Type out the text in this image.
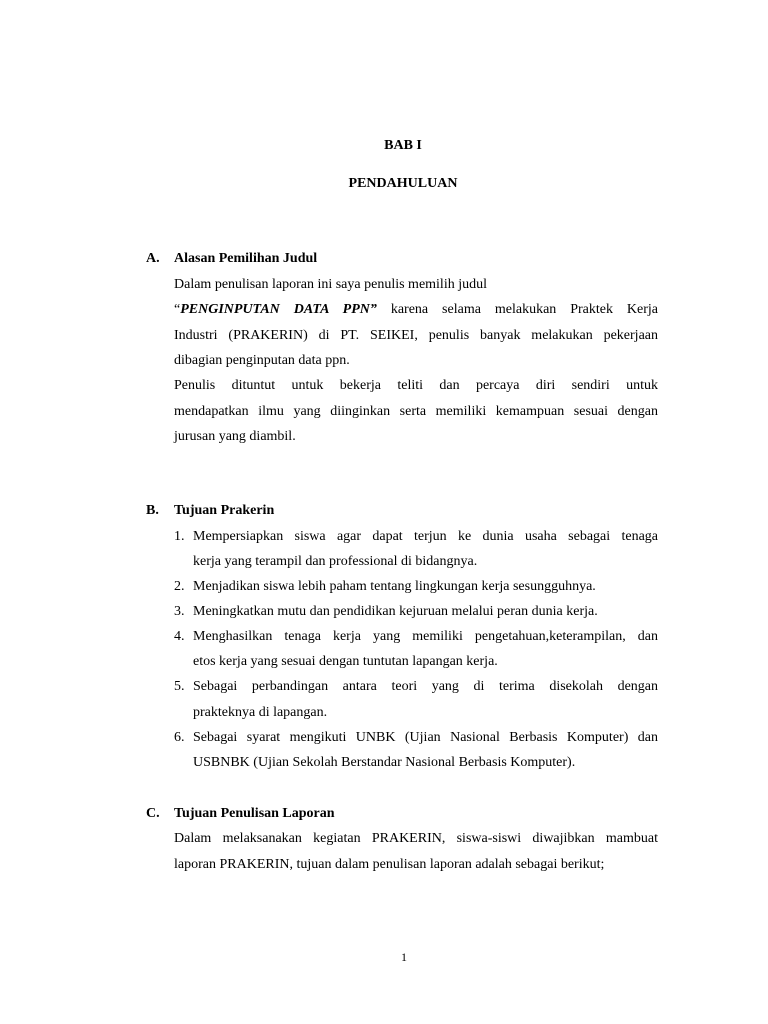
BAB I
PENDAHULUAN
A. Alasan Pemilihan Judul
Dalam penulisan laporan ini saya penulis memilih judul
“PENGINPUTAN DATA PPN” karena selama melakukan Praktek Kerja
Industri (PRAKERIN) di PT. SEIKEI, penulis banyak melakukan pekerjaan
dibagian penginputan data ppn.
Penulis dituntut untuk bekerja teliti dan percaya diri sendiri untuk
mendapatkan ilmu yang diinginkan serta memiliki kemampuan sesuai dengan
jurusan yang diambil.
B. Tujuan Prakerin
1. Mempersiapkan siswa agar dapat terjun ke dunia usaha sebagai tenaga
kerja yang terampil dan professional di bidangnya.
2. Menjadikan siswa lebih paham tentang lingkungan kerja sesungguhnya.
3. Meningkatkan mutu dan pendidikan kejuruan melalui peran dunia kerja.
4. Menghasilkan tenaga kerja yang memiliki pengetahuan,keterampilan, dan
etos kerja yang sesuai dengan tuntutan lapangan kerja.
5. Sebagai perbandingan antara teori yang di terima disekolah dengan
prakteknya di lapangan.
6. Sebagai syarat mengikuti UNBK (Ujian Nasional Berbasis Komputer) dan
USBNBK (Ujian Sekolah Berstandar Nasional Berbasis Komputer).
C. Tujuan Penulisan Laporan
Dalam melaksanakan kegiatan PRAKERIN, siswa-siswi diwajibkan mambuat
laporan PRAKERIN, tujuan dalam penulisan laporan adalah sebagai berikut;
1
